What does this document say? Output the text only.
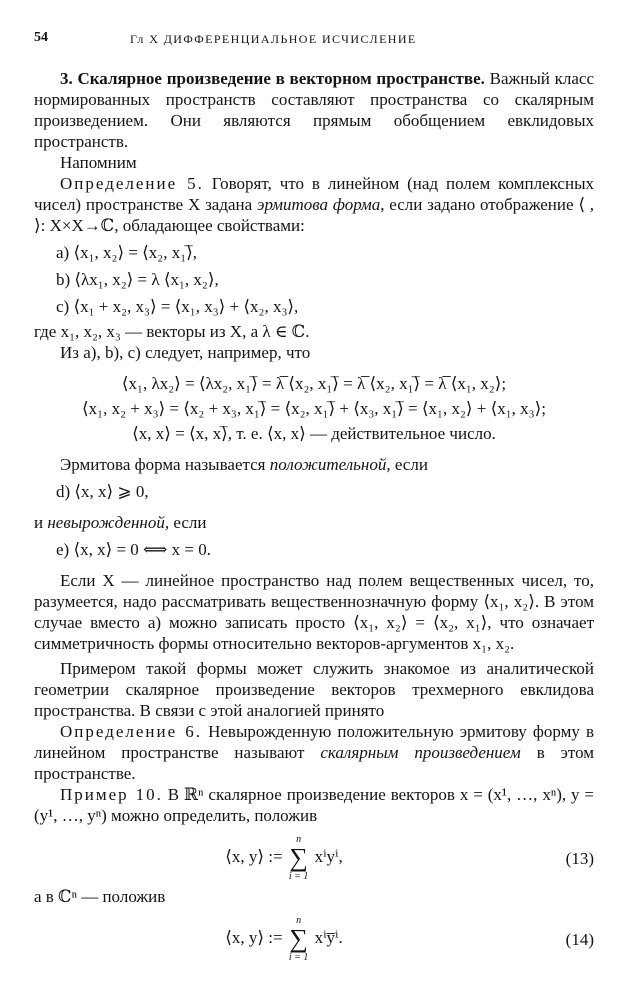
54	Гл X ДИФФЕРЕНЦИАЛЬНОЕ ИСЧИСЛЕНИЕ

3. Скалярное произведение в векторном пространстве. Важный класс нормированных пространств составляют пространства со скалярным произведением. Они являются прямым обобщением евклидовых пространств.

Напомним

Определение 5. Говорят, что в линейном (над полем комплексных чисел) пространстве X задана эрмитова форма, если задано отображение ⟨ , ⟩: X×X→ℂ, обладающее свойствами:

a) ⟨x₁, x₂⟩ = ⟨x₂, x₁⟩̅,

b) ⟨λx₁, x₂⟩ = λ ⟨x₁, x₂⟩,

c) ⟨x₁ + x₂, x₃⟩ = ⟨x₁, x₃⟩ + ⟨x₂, x₃⟩,

где x₁, x₂, x₃ — векторы из X, а λ ∈ ℂ.

Из a), b), c) следует, например, что

⟨x₁, λx₂⟩ = ⟨λx₂, x₁⟩̅ = λ̅ ⟨x₂, x₁⟩̅ = λ̅ ⟨x₂, x₁⟩̅ = λ̅ ⟨x₁, x₂⟩;

⟨x₁, x₂ + x₃⟩ = ⟨x₂ + x₃, x₁⟩̅ = ⟨x₂, x₁⟩̅ + ⟨x₃, x₁⟩̅ = ⟨x₁, x₂⟩ + ⟨x₁, x₃⟩;

⟨x, x⟩ = ⟨x, x⟩̅, т. е. ⟨x, x⟩ — действительное число.

Эрмитова форма называется положительной, если

d) ⟨x, x⟩ ⩾ 0,

и невырожденной, если

e) ⟨x, x⟩ = 0 ⟺ x = 0.

Если X — линейное пространство над полем вещественных чисел, то, разумеется, надо рассматривать вещественнозначную форму ⟨x₁, x₂⟩. В этом случае вместо a) можно записать просто ⟨x₁, x₂⟩ = ⟨x₂, x₁⟩, что означает симметричность формы относительно векторов-аргументов x₁, x₂.

Примером такой формы может служить знакомое из аналитической геометрии скалярное произведение векторов трехмерного евклидова пространства. В связи с этой аналогией принято

Определение 6. Невырожденную положительную эрмитову форму в линейном пространстве называют скалярным произведением в этом пространстве.

Пример 10. В ℝⁿ скалярное произведение векторов x = (x¹, …, xⁿ), y = (y¹, …, yⁿ) можно определить, положив

⟨x, y⟩ :=
n
∑
i = 1
xⁱyⁱ,	(13)

а в ℂⁿ — положив

⟨x, y⟩ :=
n
∑
i = 1
xⁱy̅ⁱ.	(14)
